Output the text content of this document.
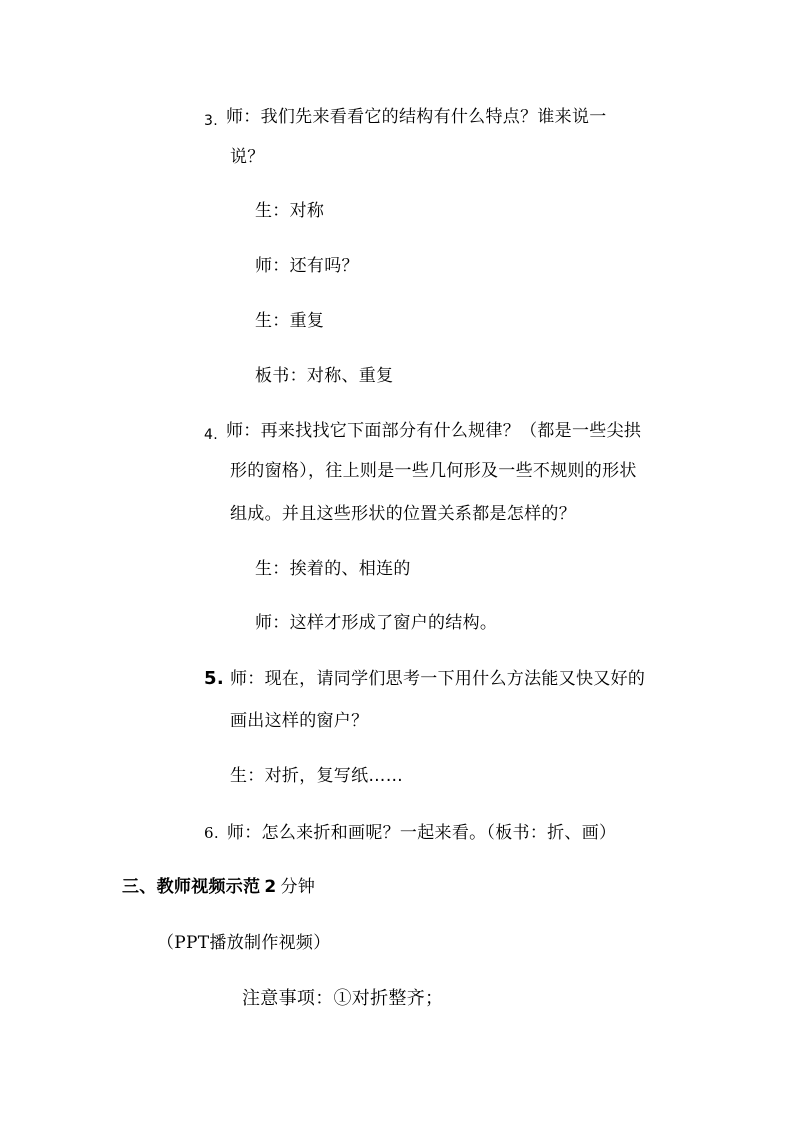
3. 师：我们先来看看它的结构有什么特点？谁来说一
说？
生：对称
师：还有吗？
生：重复
板书：对称、重复
4. 师：再来找找它下面部分有什么规律？（都是一些尖拱
形的窗格），往上则是一些几何形及一些不规则的形状
组成。并且这些形状的位置关系都是怎样的？
生：挨着的、相连的
师：这样才形成了窗户的结构。
5. 师：现在，请同学们思考一下用什么方法能又快又好的
画出这样的窗户？
生：对折，复写纸……
6. 师：怎么来折和画呢？一起来看。（板书：折、画）
三、教师视频示范 2 分钟
（PPT播放制作视频）
注意事项：①对折整齐；
